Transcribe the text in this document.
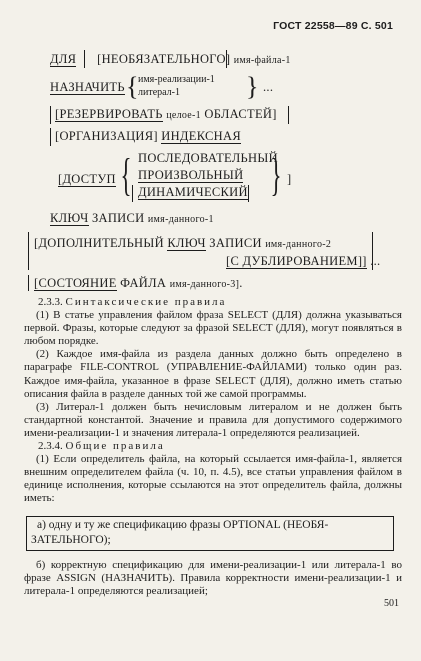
ГОСТ 22558—89 С. 501
ДЛЯ [НЕОБЯЗАТЕЛЬНОГО] имя-файла-1
НАЗНАЧИТЬ
имя-реализации-1
литерал-1
{	} ...
[РЕЗЕРВИРОВАТЬ целое-1 ОБЛАСТЕЙ]
[ОРГАНИЗАЦИЯ] ИНДЕКСНАЯ
[ДОСТУП { ПОСЛЕДОВАТЕЛЬНЫЙ
ПРОИЗВОЛЬНЫЙ
ДИНАМИЧЕСКИЙ } ]
КЛЮЧ ЗАПИСИ имя-данного-1
[ДОПОЛНИТЕЛЬНЫЙ КЛЮЧ ЗАПИСИ имя-данного-2
[С ДУБЛИРОВАНИЕМ]] ...
[СОСТОЯНИЕ ФАЙЛА имя-данного-3].

2.3.3. Синтаксические правила

(1) В статье управления файлом фраза SELECT (ДЛЯ) должна указываться первой. Фразы, которые следуют за фразой SELECT (ДЛЯ), могут появляться в любом порядке.

(2) Каждое имя-файла из раздела данных должно быть определено в параграфе FILE-CONTROL (УПРАВЛЕНИЕ-ФАЙЛАМИ) только один раз. Каждое имя-файла, указанное в фразе SELECT (ДЛЯ), должно иметь статью описания файла в разделе данных той же самой программы.

(3) Литерал-1 должен быть нечисловым литералом и не должен быть стандартной константой. Значение и правила для допустимого содержимого имени-реализации-1 и значения литерала-1 определяются реализацией.

2.3.4. Общие правила

(1) Если определитель файла, на который ссылается имя-файла-1, является внешним определителем файла (ч. 10, п. 4.5), все статьи управления файлом в единице исполнения, которые ссылаются на этот определитель файла, должны иметь:

а) одну и ту же спецификацию фразы OPTIONAL (НЕОБЯ-
ЗАТЕЛЬНОГО);

б) корректную спецификацию для имени-реализации-1 или литерала-1 во фразе ASSIGN (НАЗНАЧИТЬ). Правила корректности имени-реализации-1 и литерала-1 определяются реализацией;

501
